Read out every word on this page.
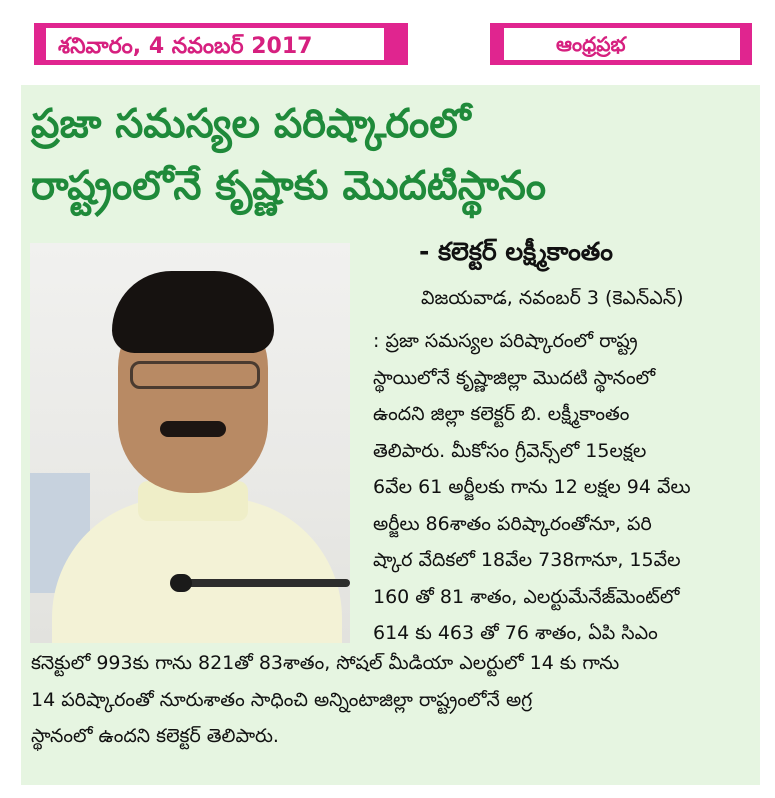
శనివారం, 4 నవంబర్ 2017	ఆంధ్రప్రభ
ప్రజా సమస్యల పరిష్కారంలో
రాష్ట్రంలోనే కృష్ణాకు మొదటిస్థానం
- కలెక్టర్ లక్ష్మీకాంతం
విజయవాడ, నవంబర్ 3 (కెఎన్ఎన్)

: ప్రజా సమస్యల పరిష్కారంలో రాష్ట్ర
స్థాయిలోనే కృష్ణాజిల్లా మొదటి స్థానంలో
ఉందని జిల్లా కలెక్టర్ బి. లక్ష్మీకాంతం
తెలిపారు. మీకోసం గ్రీవెన్స్‌లో 15లక్షల
6వేల 61 అర్జీలకు గాను 12 లక్షల 94 వేలు
అర్జీలు 86శాతం పరిష్కారంతోనూ, పరి
ష్కార వేదికలో 18వేల 738గానూ, 15వేల
160 తో 81 శాతం, ఎలర్టుమేనేజ్‌మెంట్‌లో
614 కు 463 తో 76 శాతం, ఏపి సిఎం

కనెక్టులో 993కు గాను 821తో 83శాతం, సోషల్ మీడియా ఎలర్టులో 14 కు గాను
14 పరిష్కారంతో నూరుశాతం సాధించి అన్నింటాజిల్లా రాష్ట్రంలోనే అగ్ర
స్థానంలో ఉందని కలెక్టర్ తెలిపారు.
